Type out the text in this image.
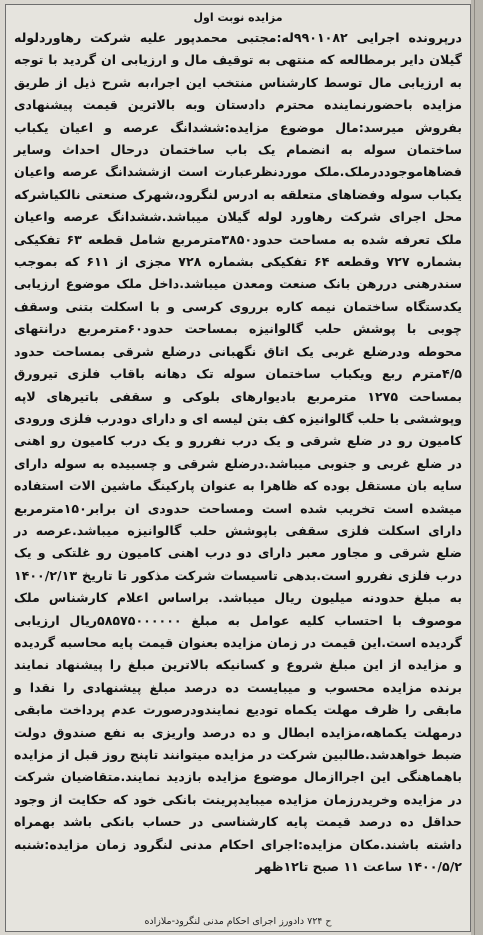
مزایده نوبت اول

درپرونده اجرایی ۹۹۰۱۰۸۲له:مجتبی محمدپور علیه شرکت رهاوردلوله گیلان دایر برمطالعه که منتهی به توقیف مال و ارزیابی ان گردید با توجه به ارزیابی مال توسط کارشناس منتخب این اجرا،به شرح ذیل از طریق مزایده باحضورنماینده محترم دادستان وبه بالاترین قیمت پیشنهادی بفروش میرسد:مال موضوع مزایده:ششدانگ عرصه و اعیان یکباب ساختمان سوله به انضمام یک باب ساختمان درحال احداث وسایر فضاهاموجوددرملک.ملک موردنظرعبارت است ازششدانگ عرصه واعیان یکباب سوله وفضاهای متعلقه به ادرس لنگرود،شهرک صنعتی نالکیاشرکه محل اجرای شرکت رهاورد لوله گیلان میباشد.ششدانگ عرصه واعیان ملک تعرفه شده به مساحت حدود۳۸۵۰مترمربع شامل قطعه ۶۳ تفکیکی بشماره ۷۲۷ وقطعه ۶۴ تفکیکی بشماره ۷۲۸ مجزی از ۶۱۱ که بموجب سندرهنی دررهن بانک صنعت ومعدن میباشد.داخل ملک موضوع ارزیابی یکدستگاه ساختمان نیمه کاره برروی کرسی و با اسکلت بتنی وسقف چوبی با پوشش حلب گالوانیزه بمساحت حدود۶۰مترمربع درانتهای محوطه ودرضلع غربی یک اتاق نگهبانی درضلع شرقی بمساحت حدود ۴/۵مترم ربع ویکباب ساختمان سوله تک دهانه باقاب فلزی تیرورق بمساحت ۱۲۷۵ مترمربع بادیوارهای بلوکی و سقفی باتیرهای لاپه وپوششی با حلب گالوانیزه کف بتن لیسه ای و دارای دودرب فلزی ورودی کامیون رو در ضلع شرقی و یک درب نفررو و یک درب کامیون رو اهنی در ضلع غربی و جنوبی میباشد.درضلع شرقی و چسبیده به سوله دارای سایه بان مستقل بوده که ظاهرا به عنوان پارکینگ ماشین الات استفاده میشده است تخریب شده است ومساحت حدودی ان برابر۱۵۰مترمربع دارای اسکلت فلزی سقفی باپوشش حلب گالوانیزه میباشد.عرصه در ضلع شرقی و مجاور معبر دارای دو درب اهنی کامیون رو غلتکی و یک درب فلزی نفررو است.بدهی تاسیسات شرکت مذکور تا تاریخ ۱۴۰۰/۲/۱۳ به مبلغ حدودنه میلیون ریال میباشد. براساس اعلام کارشناس ملک موصوف با احتساب کلیه عوامل به مبلغ ۵۸۵۷۵۰۰۰۰۰۰ریال ارزیابی گردیده است.این قیمت در زمان مزایده بعنوان قیمت پایه محاسبه گردیده و مزایده از این مبلغ شروع و کسانیکه بالاترین مبلغ را پیشنهاد نمایند برنده مزایده محسوب و میبایست ده درصد مبلغ پیشنهادی را نقدا و مابقی را ظرف مهلت یکماه تودیع نمایندودرصورت عدم پرداخت مابقی درمهلت یکماهه،مزایده ابطال و ده درصد واریزی به نفع صندوق دولت ضبط خواهدشد.طالبین شرکت در مزایده میتوانند تاپنج روز قبل از مزایده باهماهنگی این اجراازمال موضوع مزایده بازدید نمایند.متقاضیان شرکت در مزایده وخریدرزمان مزایده میبایدپرینت بانکی خود که حکایت از وجود حداقل ده درصد قیمت پایه کارشناسی در حساب بانکی باشد بهمراه داشته باشند.مکان مزایده:اجرای احکام مدنی لنگرود زمان مزایده:شنبه ۱۴۰۰/۵/۲ ساعت ۱۱ صبح تا۱۲ظهر

ح ۷۲۴ دادورز اجرای احکام مدنی لنگرود-ملازاده
